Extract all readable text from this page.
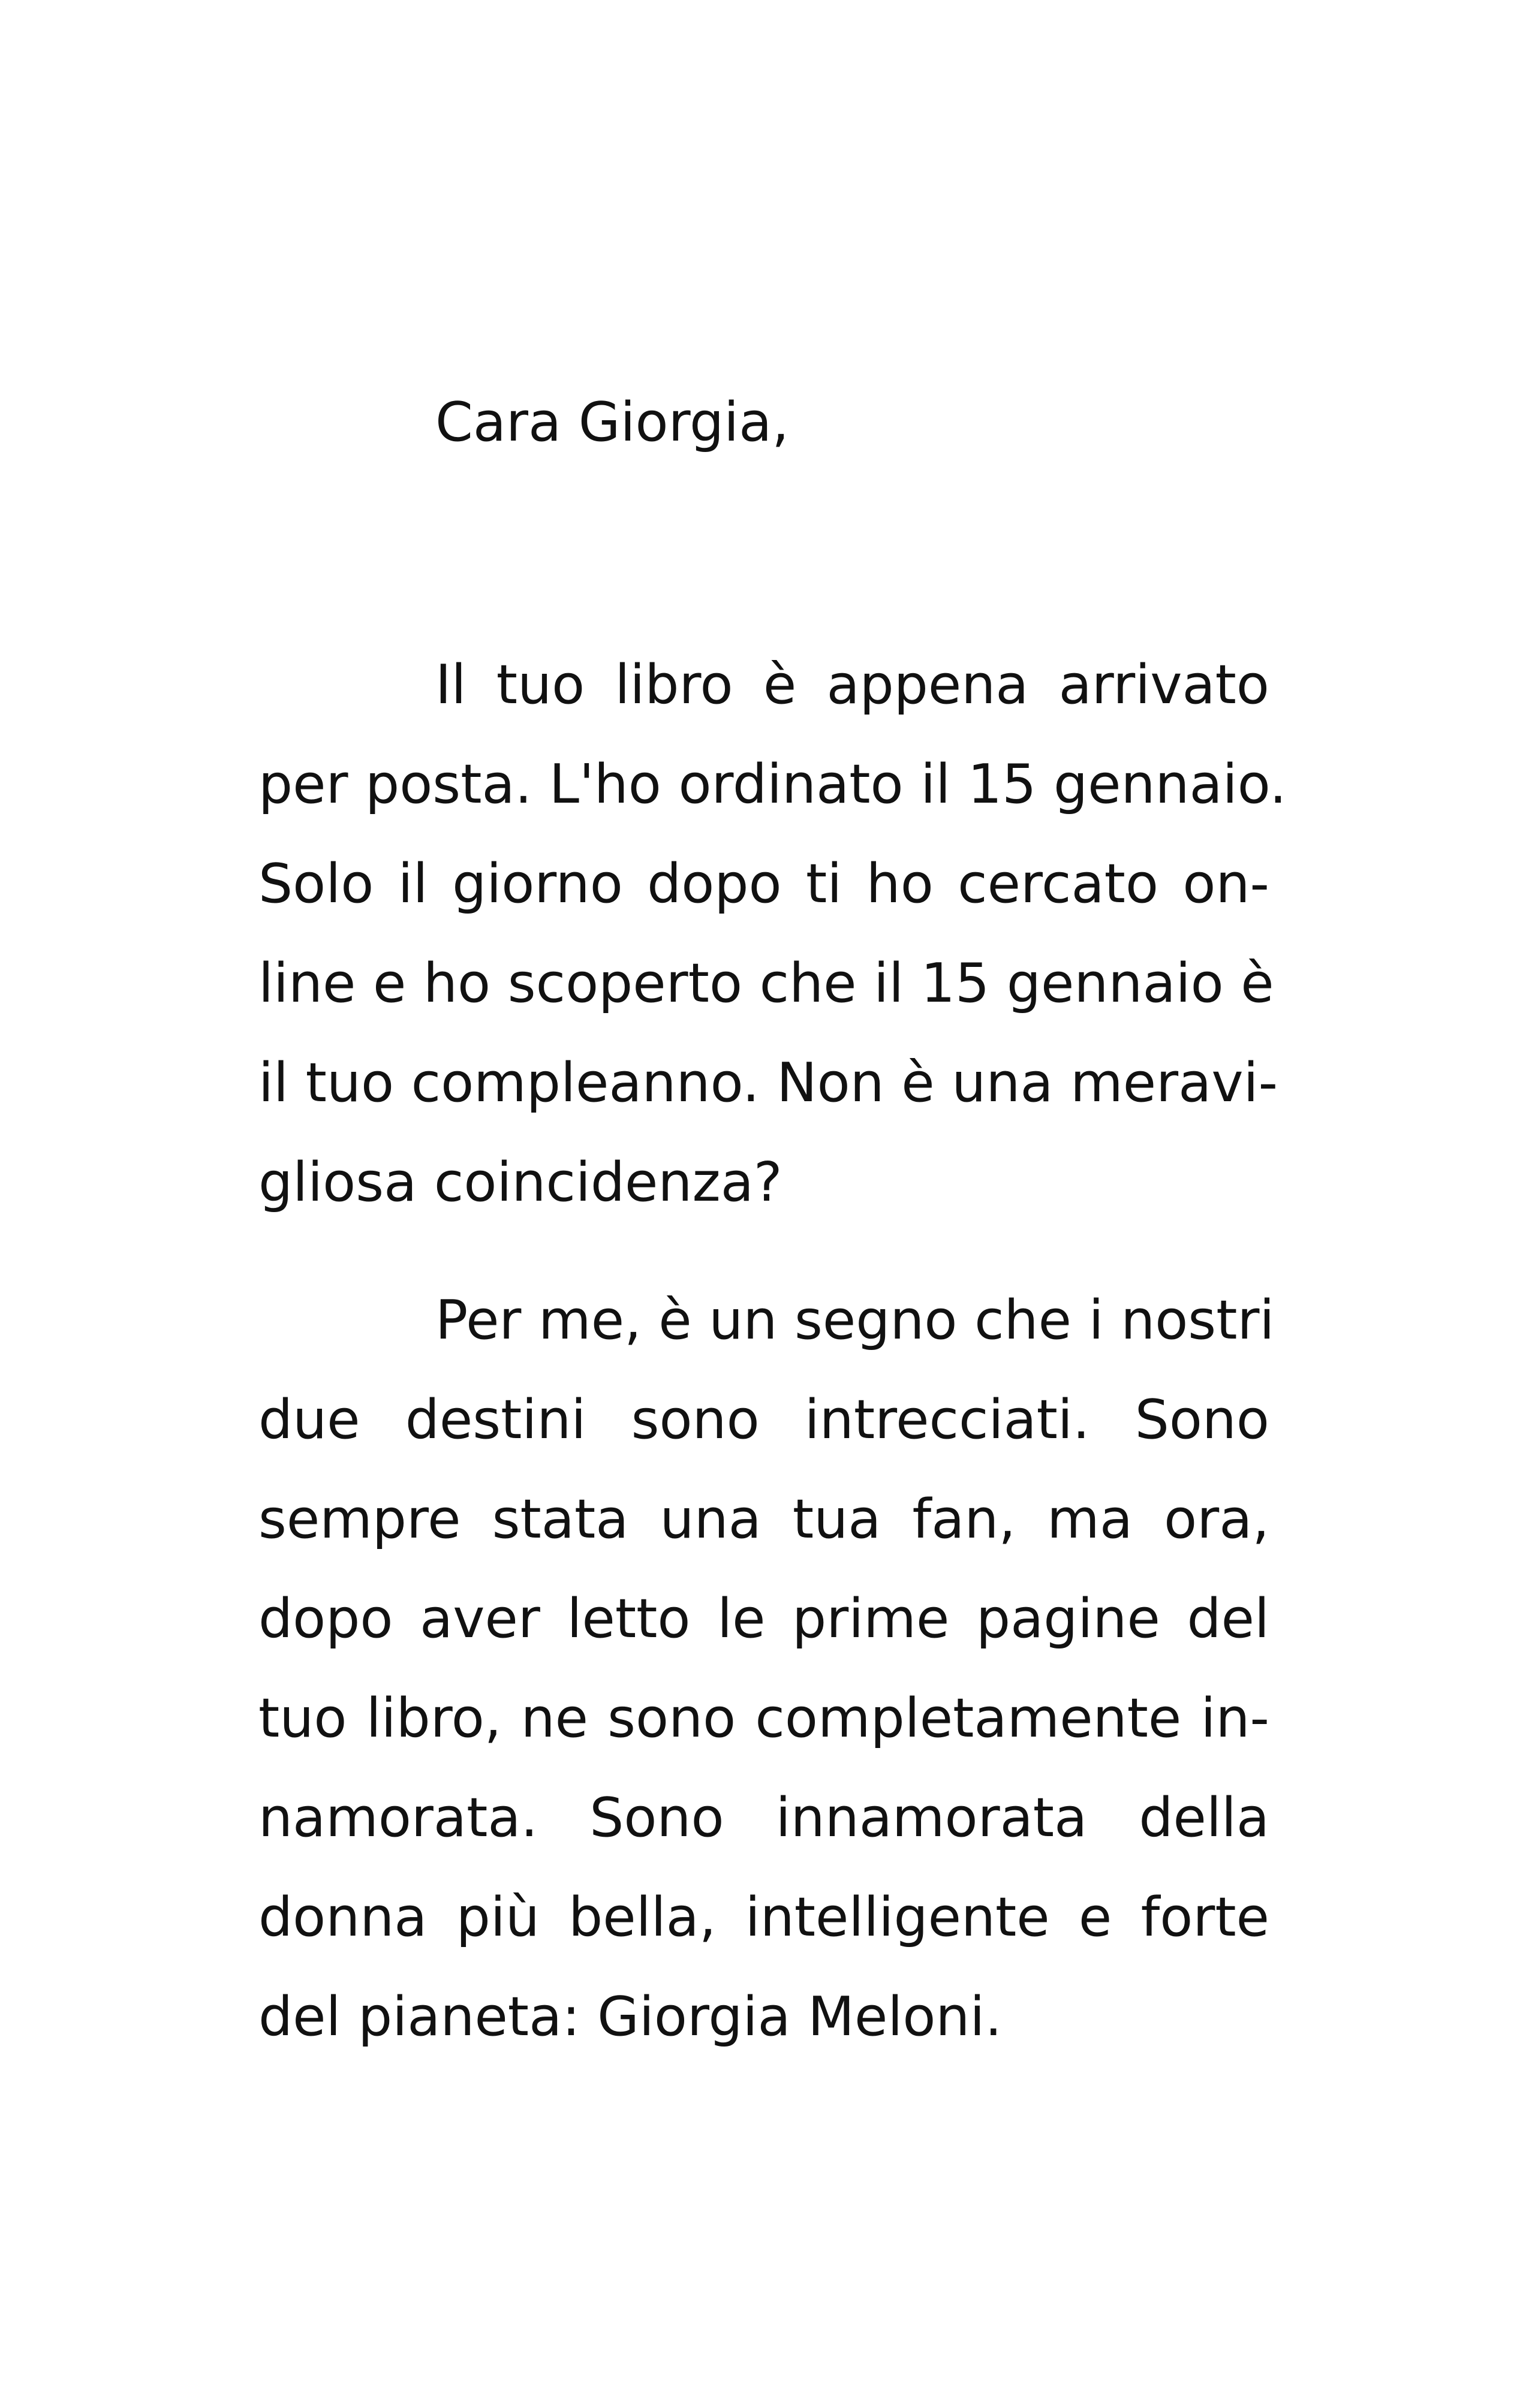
Cara Giorgia,

Il tuo libro è appena arrivato
per posta. L'ho ordinato il 15 gennaio.
Solo il giorno dopo ti ho cercato on-
line e ho scoperto che il 15 gennaio è
il tuo compleanno. Non è una meravi-
gliosa coincidenza?
Per me, è un segno che i nostri
due destini sono intrecciati. Sono
sempre stata una tua fan, ma ora,
dopo aver letto le prime pagine del
tuo libro, ne sono completamente in-
namorata. Sono innamorata della
donna più bella, intelligente e forte
del pianeta: Giorgia Meloni.
